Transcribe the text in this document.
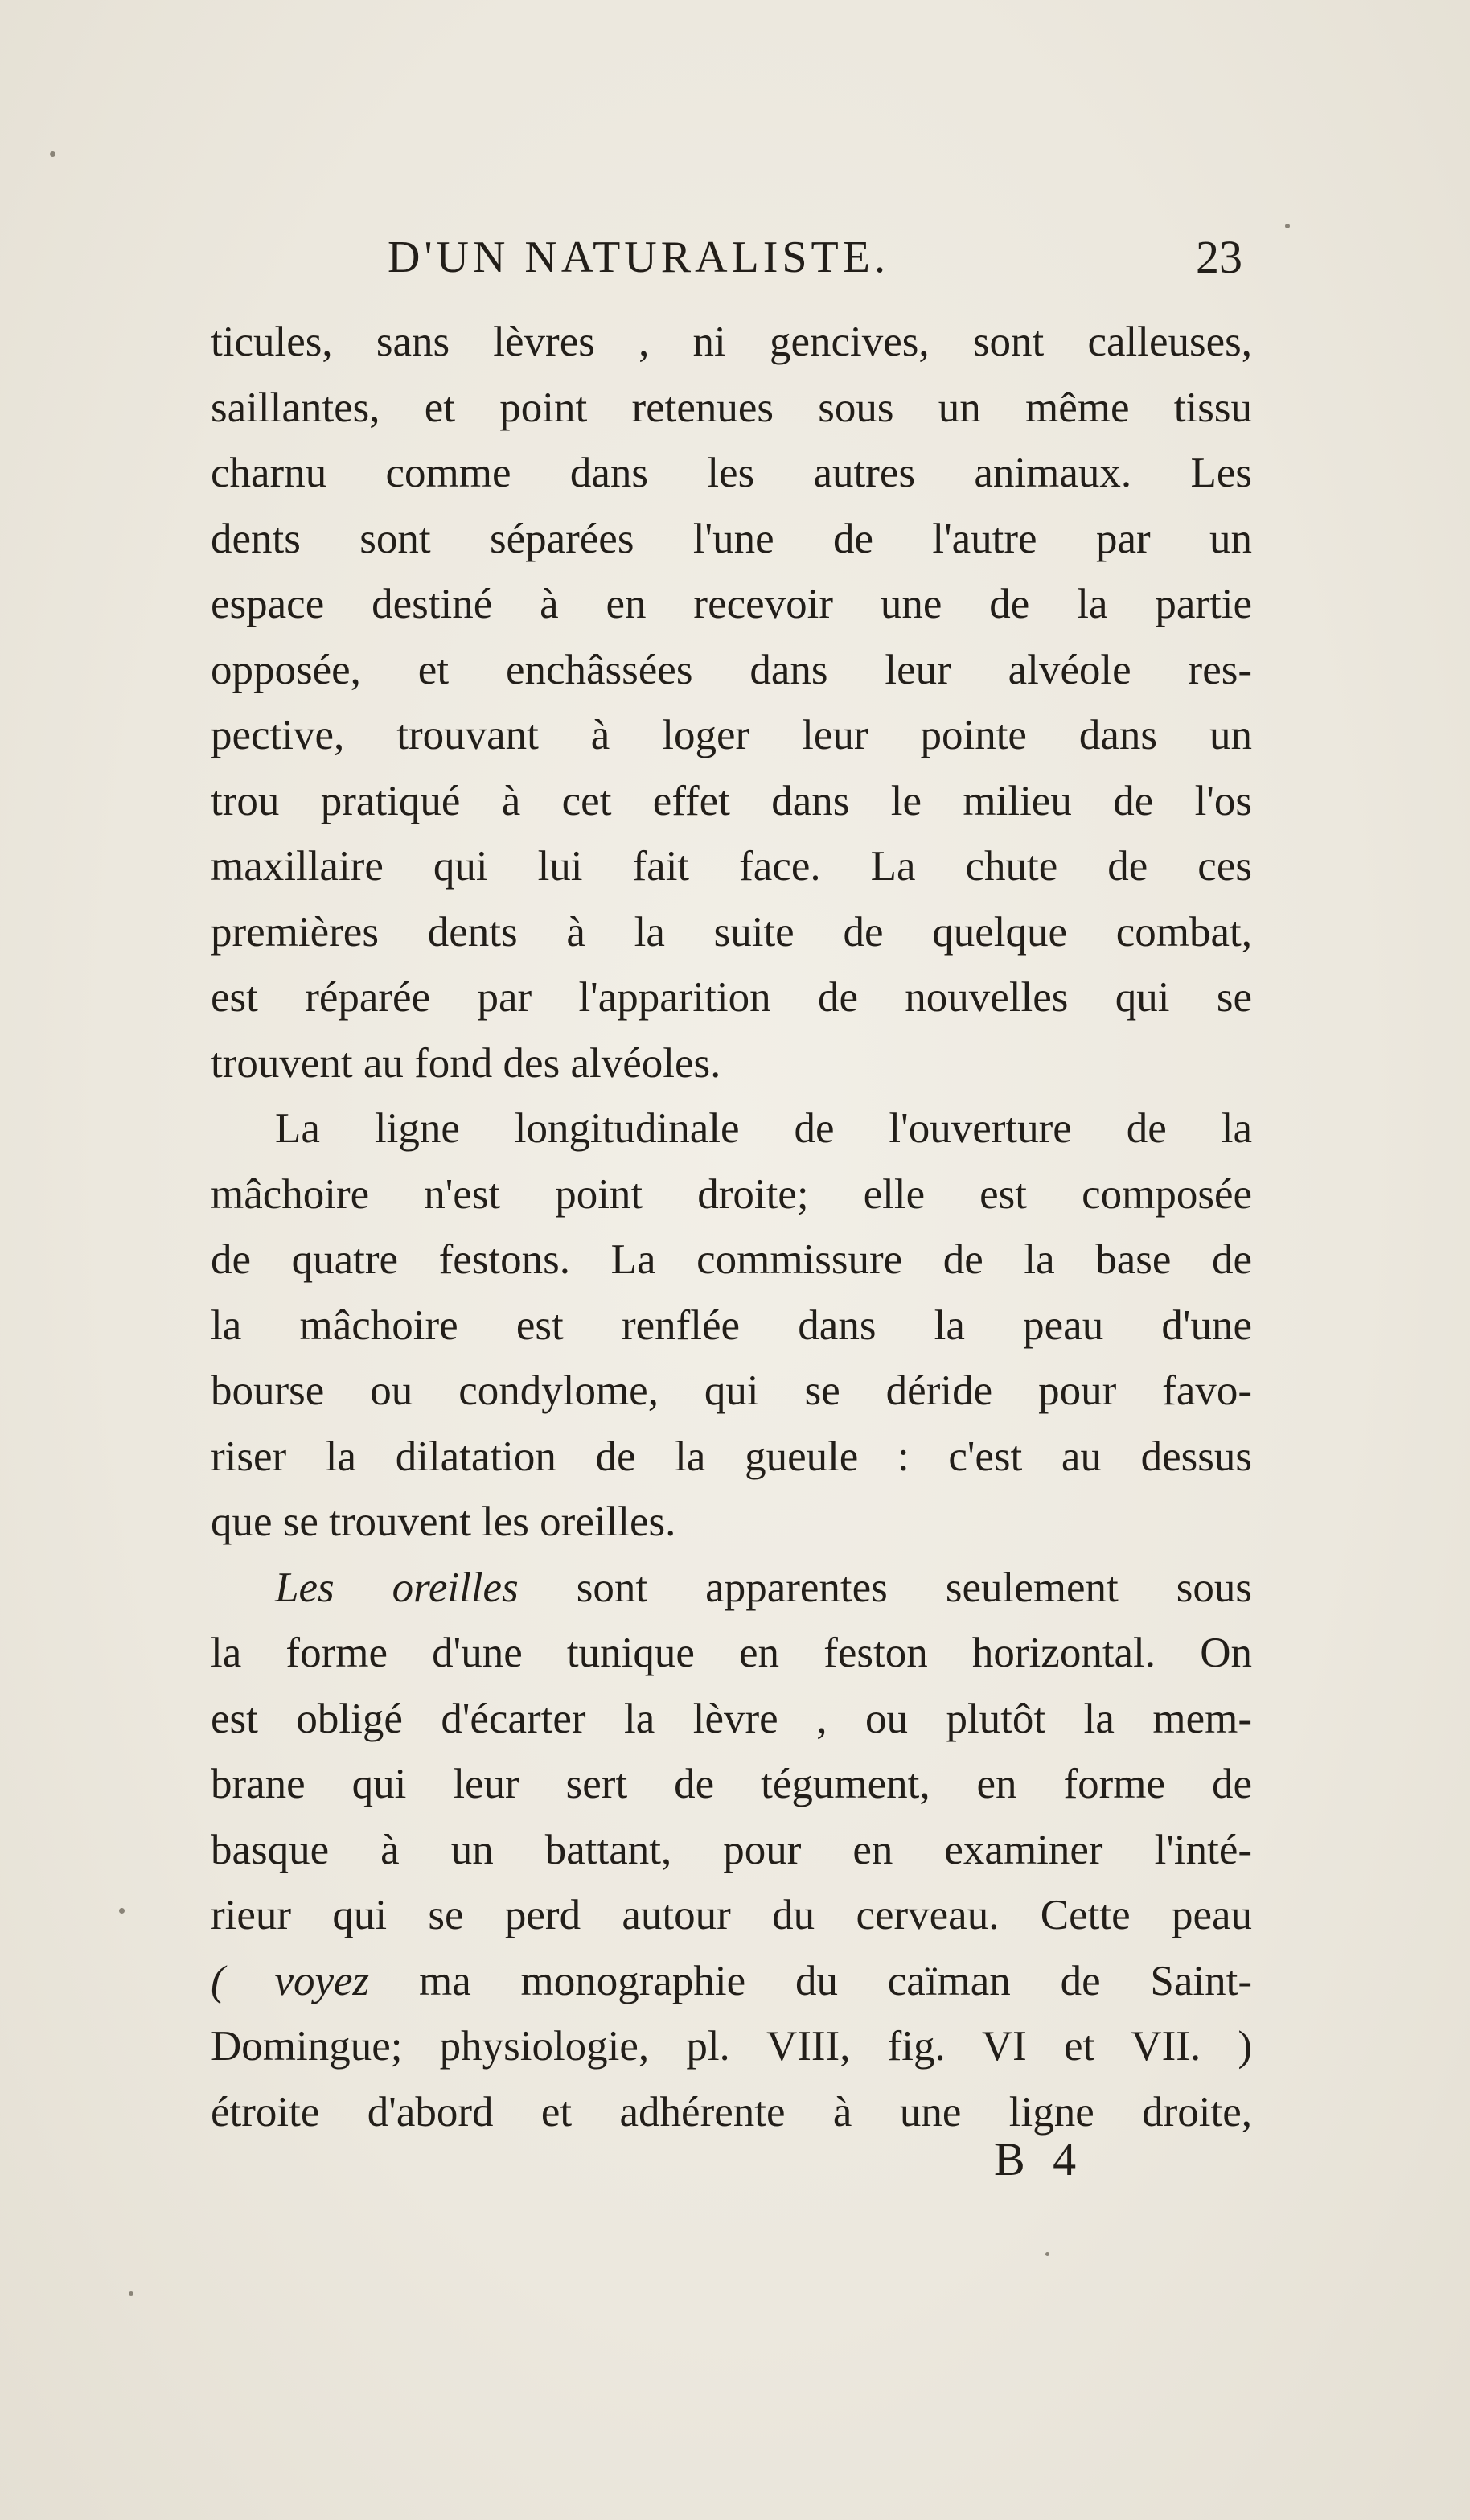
D'UN NATURALISTE.	23
ticules, sans lèvres , ni gencives, sont calleuses,
saillantes, et point retenues sous un même tissu
charnu comme dans les autres animaux. Les
dents sont séparées l'une de l'autre par un
espace destiné à en recevoir une de la partie
opposée, et enchâssées dans leur alvéole res-
pective, trouvant à loger leur pointe dans un
trou pratiqué à cet effet dans le milieu de l'os
maxillaire qui lui fait face. La chute de ces
premières dents à la suite de quelque combat,
est réparée par l'apparition de nouvelles qui se
trouvent au fond des alvéoles.
La ligne longitudinale de l'ouverture de la
mâchoire n'est point droite; elle est composée
de quatre festons. La commissure de la base de
la mâchoire est renflée dans la peau d'une
bourse ou condylome, qui se déride pour favo-
riser la dilatation de la gueule : c'est au dessus
que se trouvent les oreilles.
Les oreilles sont apparentes seulement sous
la forme d'une tunique en feston horizontal. On
est obligé d'écarter la lèvre , ou plutôt la mem-
brane qui leur sert de tégument, en forme de
basque à un battant, pour en examiner l'inté-
rieur qui se perd autour du cerveau. Cette peau
( voyez ma monographie du caïman de Saint-
Domingue; physiologie, pl. VIII, fig. VI et VII. )
étroite d'abord et adhérente à une ligne droite,
B 4
